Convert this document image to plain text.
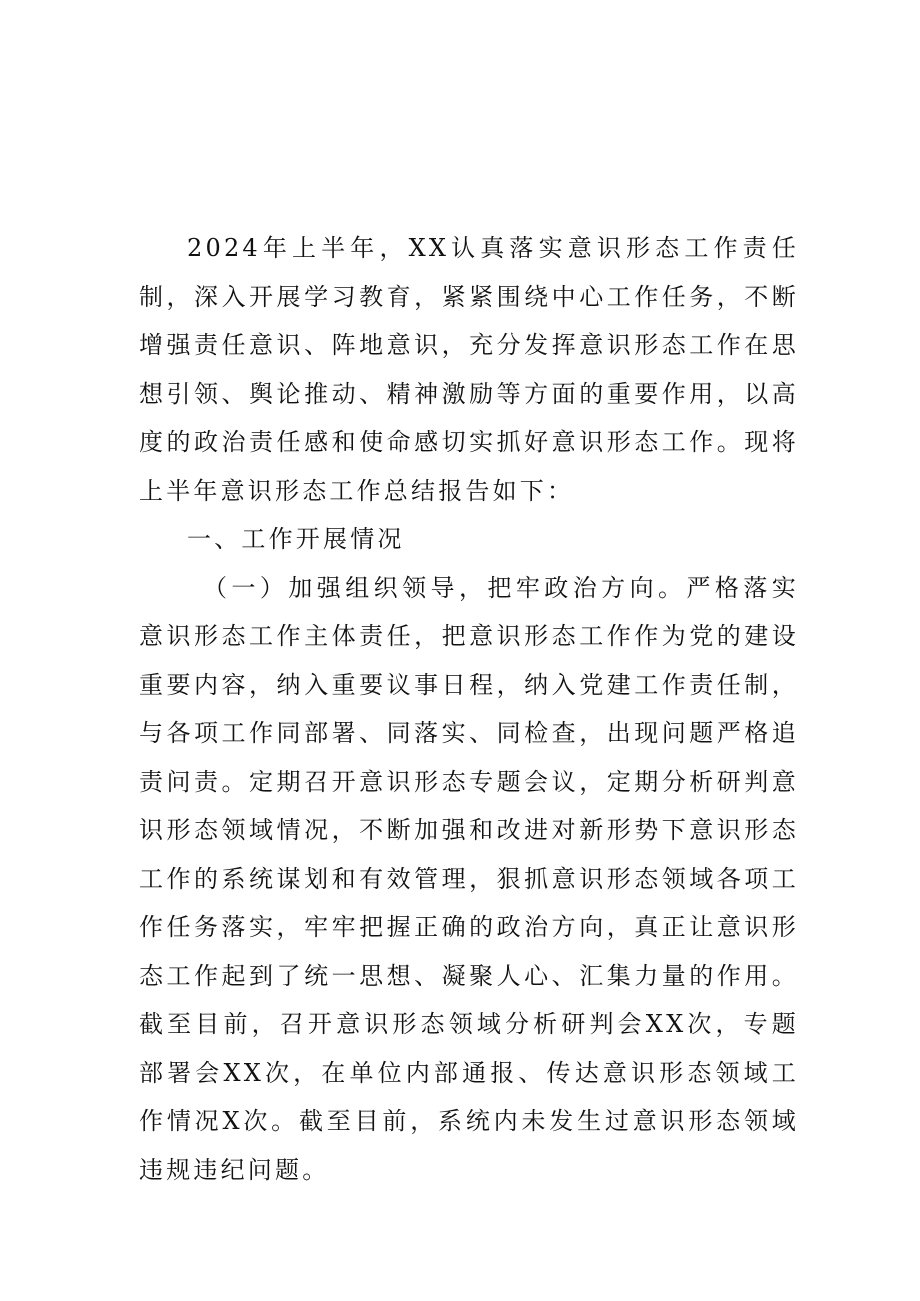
2024年上半年，XX认真落实意识形态工作责任制，深入开展学习教育，紧紧围绕中心工作任务，不断增强责任意识、阵地意识，充分发挥意识形态工作在思想引领、舆论推动、精神激励等方面的重要作用，以高度的政治责任感和使命感切实抓好意识形态工作。现将上半年意识形态工作总结报告如下：

一、工作开展情况

（一）加强组织领导，把牢政治方向。严格落实意识形态工作主体责任，把意识形态工作作为党的建设重要内容，纳入重要议事日程，纳入党建工作责任制，与各项工作同部署、同落实、同检查，出现问题严格追责问责。定期召开意识形态专题会议，定期分析研判意识形态领域情况，不断加强和改进对新形势下意识形态工作的系统谋划和有效管理，狠抓意识形态领域各项工作任务落实，牢牢把握正确的政治方向，真正让意识形态工作起到了统一思想、凝聚人心、汇集力量的作用。截至目前，召开意识形态领域分析研判会XX次，专题部署会XX次，在单位内部通报、传达意识形态领域工作情况X次。截至目前，系统内未发生过意识形态领域违规违纪问题。
